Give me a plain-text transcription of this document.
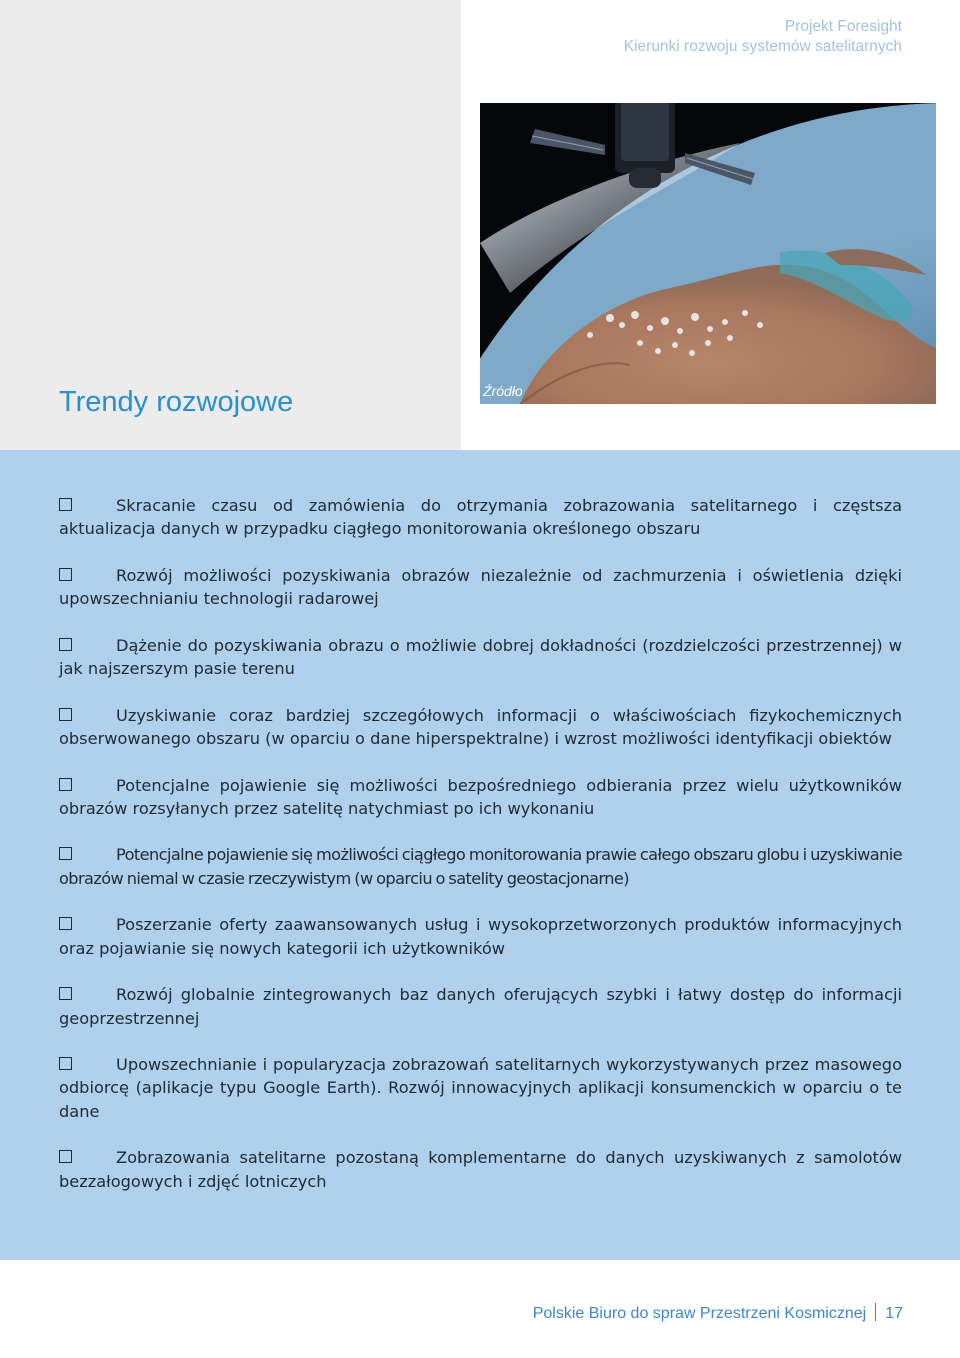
Projekt Foresight
Kierunki rozwoju systemów satelitarnych
Źródło
Trendy rozwojowe
Skracanie czasu od zamówienia do otrzymania zobrazowania satelitarnego i częstsza aktualizacja danych w przypadku ciągłego monitorowania określonego obszaru
Rozwój możliwości pozyskiwania obrazów niezależnie od zachmurzenia i oświetlenia dzięki upowszechnianiu technologii radarowej
Dążenie do pozyskiwania obrazu o możliwie dobrej dokładności (rozdzielczości przestrzennej) w jak najszerszym pasie terenu
Uzyskiwanie coraz bardziej szczegółowych informacji o właściwościach fizykochemicznych obserwowanego obszaru (w oparciu o dane hiperspektralne) i wzrost możliwości identyfikacji obiektów
Potencjalne pojawienie się możliwości bezpośredniego odbierania przez wielu użytkowników obrazów rozsyłanych przez satelitę natychmiast po ich wykonaniu
Potencjalne pojawienie się możliwości ciągłego monitorowania prawie całego obszaru globu i uzyskiwanie obrazów niemal w czasie rzeczywistym (w oparciu o satelity geostacjonarne)
Poszerzanie oferty zaawansowanych usług i wysokoprzetworzonych produktów informacyjnych oraz pojawianie się nowych kategorii ich użytkowników
Rozwój globalnie zintegrowanych baz danych oferujących szybki i łatwy dostęp do informacji geoprzestrzennej
Upowszechnianie i popularyzacja zobrazowań satelitarnych wykorzystywanych przez masowego odbiorcę (aplikacje typu Google Earth). Rozwój innowacyjnych aplikacji konsumenckich w oparciu o te dane
Zobrazowania satelitarne pozostaną komplementarne do danych uzyskiwanych z samolotów bezzałogowych i zdjęć lotniczych
Polskie Biuro do spraw Przestrzeni Kosmicznej 17
